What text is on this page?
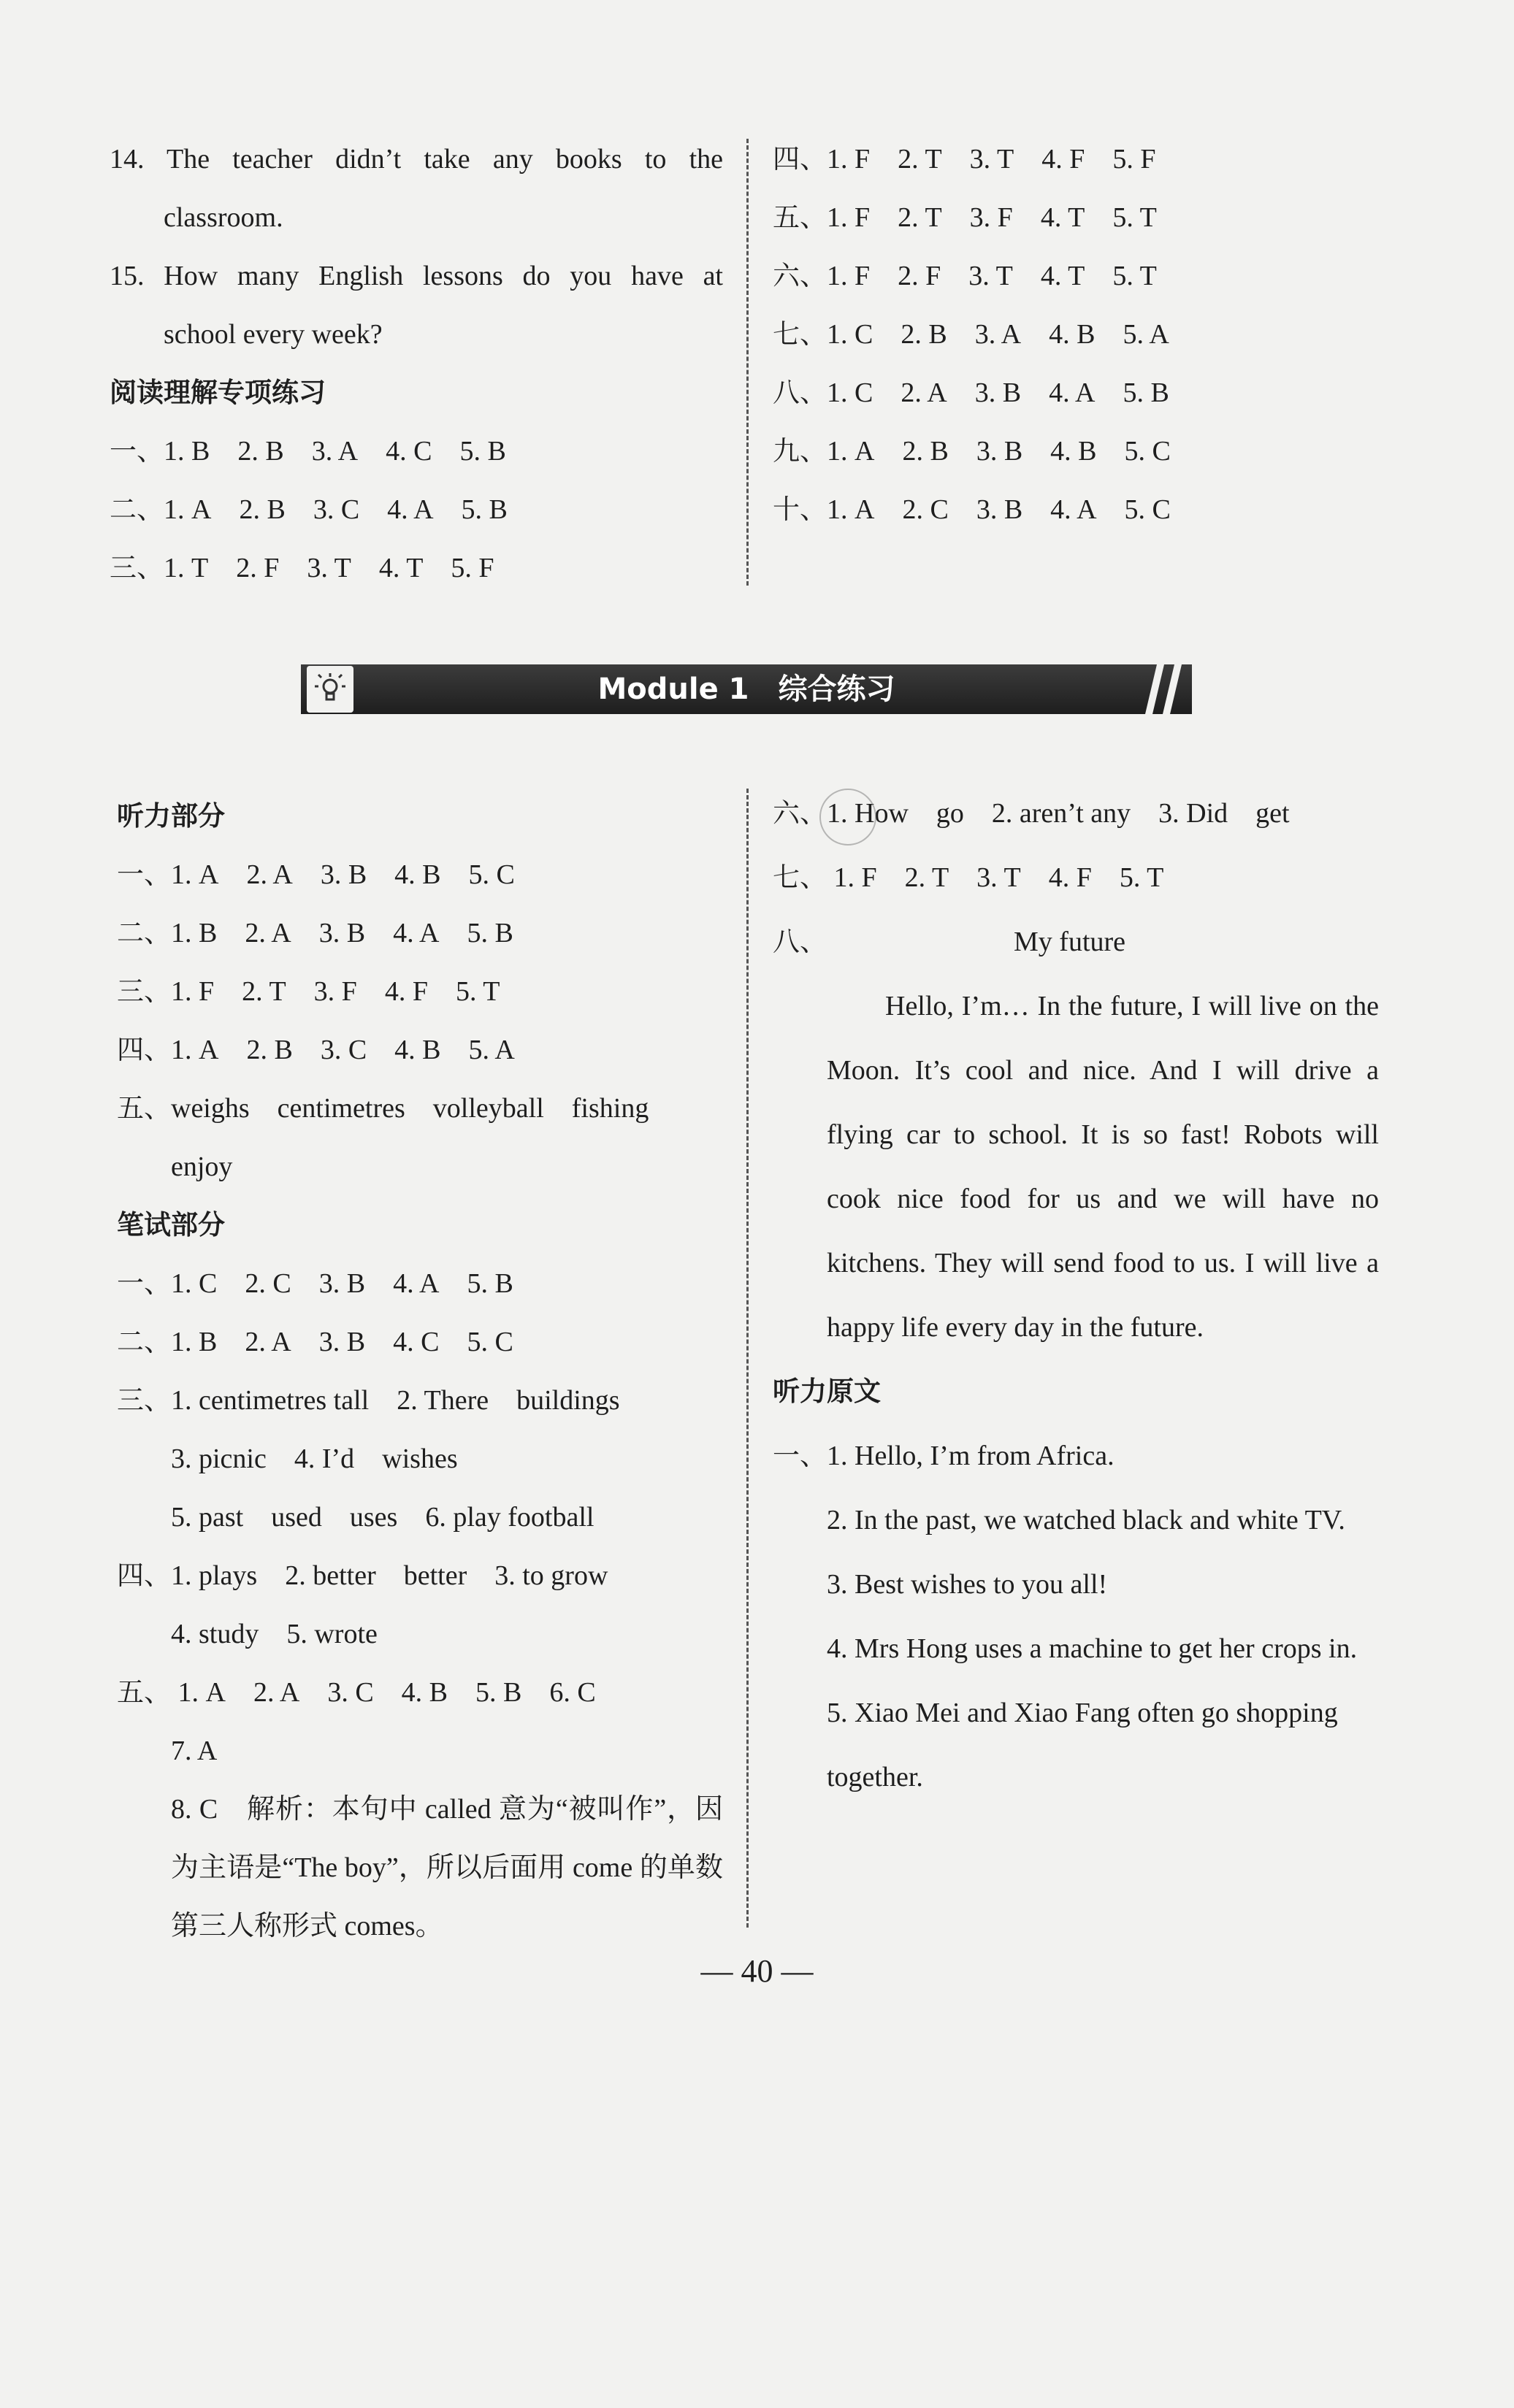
14. The teacher didn’t take any books to the
classroom.
15. How many English lessons do you have at
school every week?
阅读理解专项练习
一、1. B 2. B 3. A 4. C 5. B
二、1. A 2. B 3. C 4. A 5. B
三、1. T 2. F 3. T 4. T 5. F
四、1. F 2. T 3. T 4. F 5. F
五、1. F 2. T 3. F 4. T 5. T
六、1. F 2. F 3. T 4. T 5. T
七、1. C 2. B 3. A 4. B 5. A
八、1. C 2. A 3. B 4. A 5. B
九、1. A 2. B 3. B 4. B 5. C
十、1. A 2. C 3. B 4. A 5. C
Module 1　综合练习
听力部分
一、1. A 2. A 3. B 4. B 5. C
二、1. B 2. A 3. B 4. A 5. B
三、1. F 2. T 3. F 4. F 5. T
四、1. A 2. B 3. C 4. B 5. A
五、weighs centimetres volleyball fishing
enjoy
笔试部分
一、1. C 2. C 3. B 4. A 5. B
二、1. B 2. A 3. B 4. C 5. C
三、1. centimetres tall 2. There buildings
3. picnic 4. I’d wishes
5. past used uses 6. play football
四、1. plays 2. better better 3. to grow
4. study 5. wrote
五、 1. A 2. A 3. C 4. B 5. B 6. C
7. A
8. C　解析：本句中 called 意为“被叫作”，因为主语是“The boy”，所以后面用 come 的单数第三人称形式 comes。
六、1. How go 2. aren’t any 3. Did get
七、 1. F 2. T 3. T 4. F 5. T
八、	My future
Hello, I’m… In the future, I will live on the Moon. It’s cool and nice. And I will drive a flying car to school. It is so fast! Robots will cook nice food for us and we will have no kitchens. They will send food to us. I will live a happy life every day in the future.
听力原文
一、 1. Hello, I’m from Africa.
2. In the past, we watched black and white TV.
3. Best wishes to you all!
4. Mrs Hong uses a machine to get her crops in.
5. Xiao Mei and Xiao Fang often go shopping together.
— 40 —
